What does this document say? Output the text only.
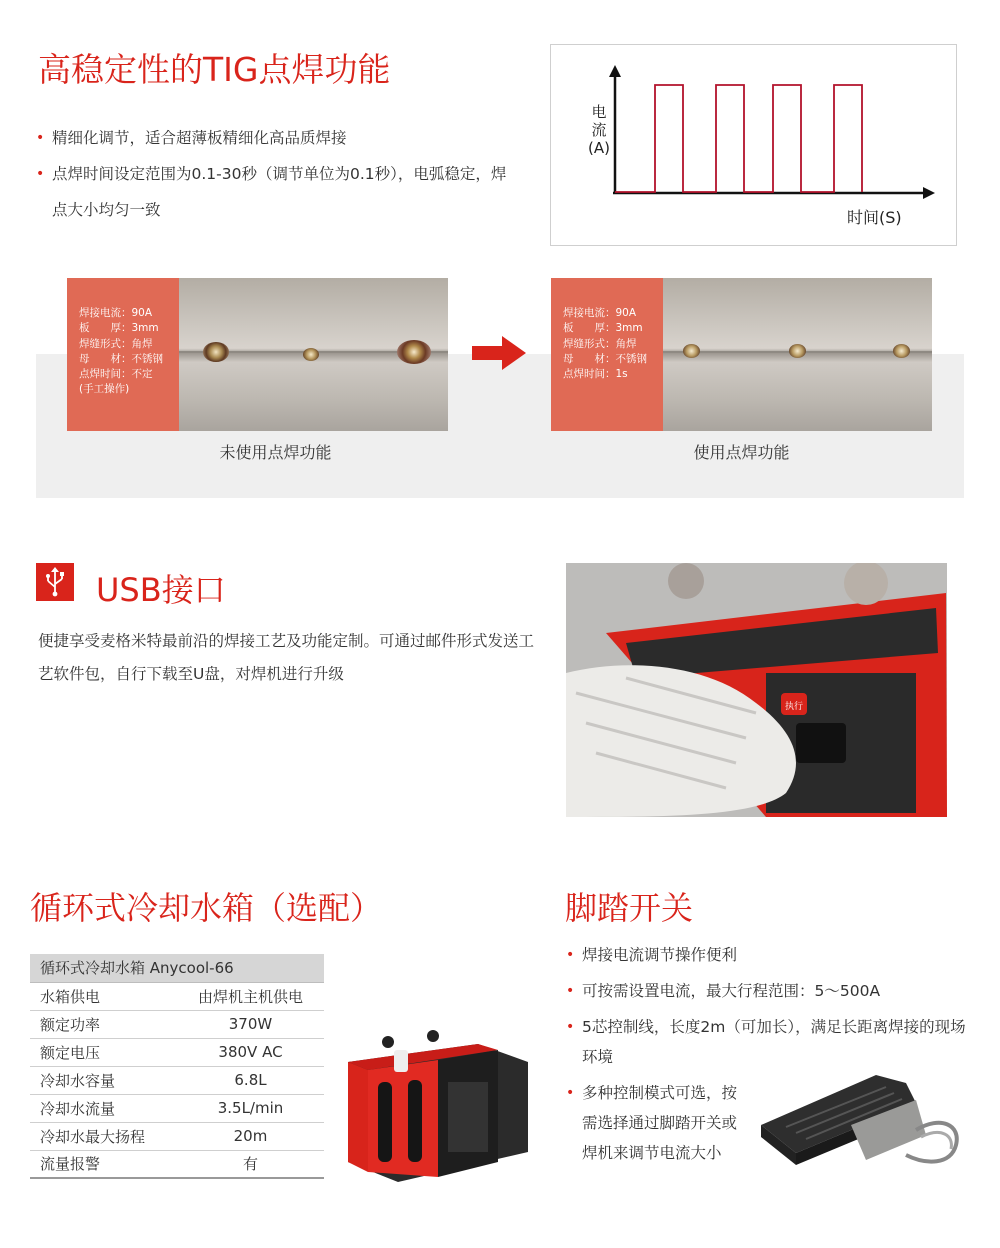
高稳定性的TIG点焊功能
• 精细化调节，适合超薄板精细化高品质焊接
• 点焊时间设定范围为0.1-30秒（调节单位为0.1秒），电弧稳定，焊点大小均匀一致
电
流
(A)
时间(S)
焊接电流：90A
板　　厚：3mm
焊缝形式：角焊
母　　材：不锈钢
点焊时间：不定
(手工操作)
未使用点焊功能
焊接电流：90A
板　　厚：3mm
焊缝形式：角焊
母　　材：不锈钢
点焊时间：1s
使用点焊功能
USB接口

便捷享受麦格米特最前沿的焊接工艺及功能定制。可通过邮件形式发送工艺软件包，自行下载至U盘，对焊机进行升级

执行
循环式冷却水箱（选配）
循环式冷却水箱 Anycool-66	
水箱供电	由焊机主机供电
额定功率	370W
额定电压	380V AC
冷却水容量	6.8L
冷却水流量	3.5L/min
冷却水最大扬程	20m
流量报警	有
脚踏开关
• 焊接电流调节操作便利
• 可按需设置电流，最大行程范围：5～500A
• 5芯控制线，长度2m（可加长），满足长距离焊接的现场环境
• 多种控制模式可选，按需选择通过脚踏开关或焊机来调节电流大小
